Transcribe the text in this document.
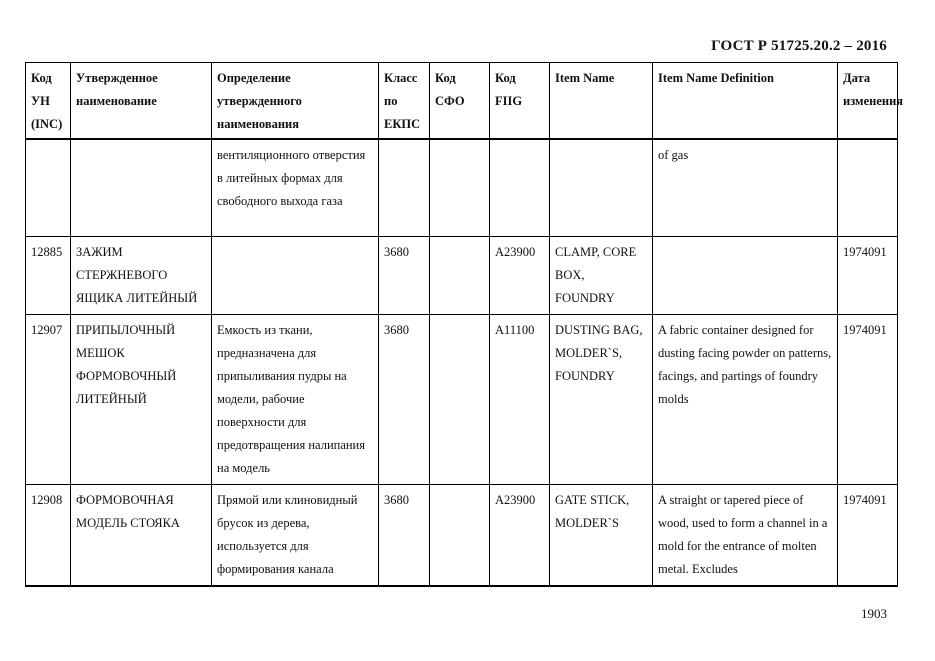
ГОСТ Р 51725.20.2 – 2016
Код УН (INC)	Утвержденное наименование	Определение утвержденного наименования	Класс по ЕКПС	Код СФО	Код FIIG	Item Name	Item Name Definition	Дата изменения
		вентиляционного отверстия в литейных формах для свободного выхода газа					of gas	
12885	ЗАЖИМ СТЕРЖНЕВОГО ЯЩИКА ЛИТЕЙНЫЙ		3680		A23900	CLAMP, CORE BOX, FOUNDRY		1974091
12907	ПРИПЫЛОЧНЫЙ МЕШОК ФОРМОВОЧНЫЙ ЛИТЕЙНЫЙ	Емкость из ткани, предназначена для припыливания пудры на модели, рабочие поверхности для предотвращения налипания на модель	3680		A11100	DUSTING BAG, MOLDER`S, FOUNDRY	A fabric container designed for dusting facing powder on patterns, facings, and partings of foundry molds	1974091
12908	ФОРМОВОЧНАЯ МОДЕЛЬ СТОЯКА	Прямой или клиновидный брусок из дерева, используется для формирования канала	3680		A23900	GATE STICK, MOLDER`S	A straight or tapered piece of wood, used to form a channel in a mold for the entrance of molten metal. Excludes	1974091
1903
